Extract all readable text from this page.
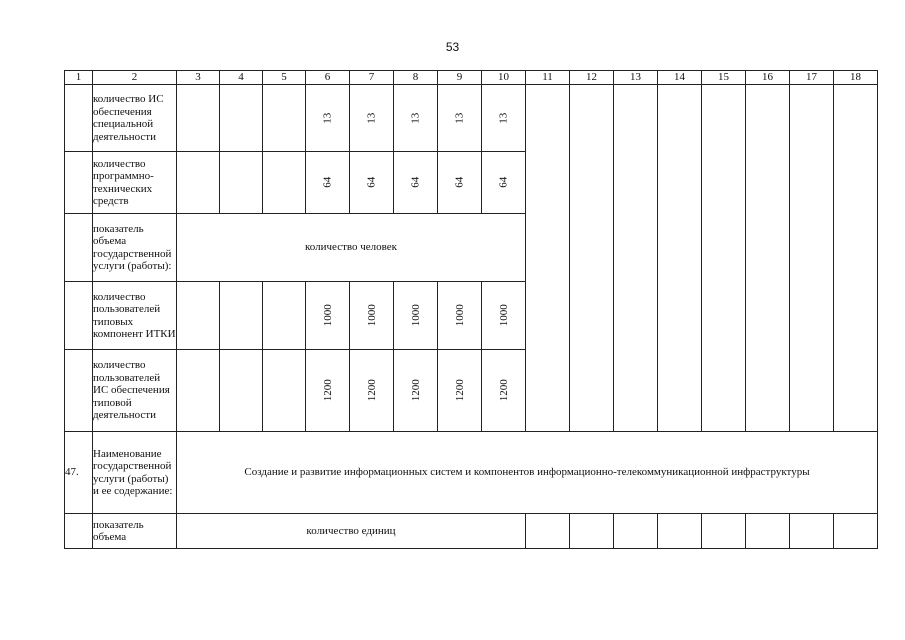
53
1	2	3	4	5	6	7	8	9	10	11	12	13	14	15	16	17	18
	количество ИС обеспечения специальной деятельности				13	13	13	13	13								
	количество программно-технических средств				64	64	64	64	64								
	показатель объема государственной услуги (работы):	количество человек															
	количество пользователей типовых компонент ИТКИ				1000	1000	1000	1000	1000								
	количество пользователей ИС обеспечения типовой деятельности				1200	1200	1200	1200	1200								
47.	Наименование государственной услуги (работы) и ее содержание:	Создание и развитие информационных систем и компонентов информационно-телекоммуникационной инфраструктуры															
	показатель объема	количество единиц															
